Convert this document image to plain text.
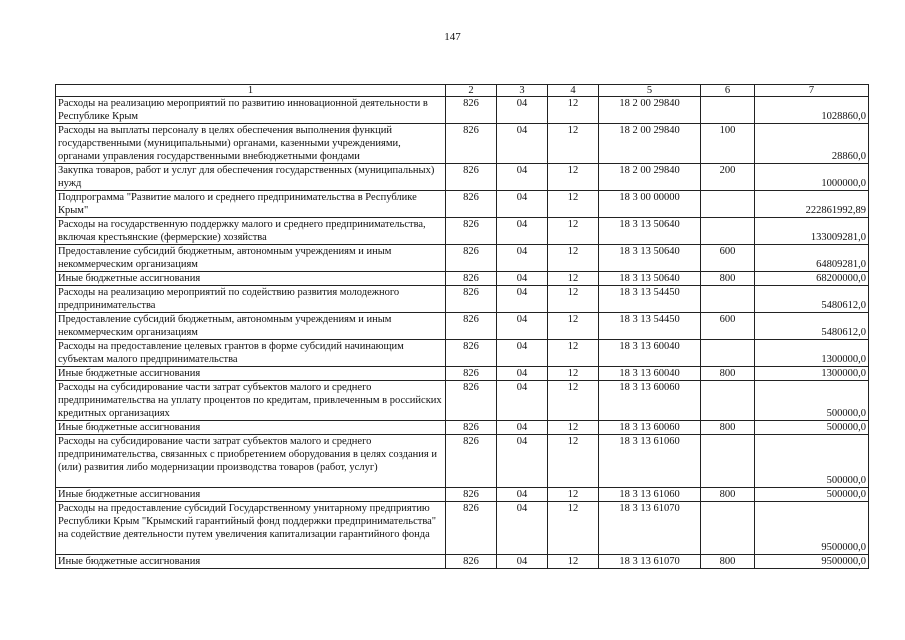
147
1	2	3	4	5	6	7
Расходы на реализацию мероприятий по развитию инновационной деятельности в Республике Крым	826	04	12	18 2 00 29840		1028860,0
Расходы на выплаты персоналу в целях обеспечения выполнения функций государственными (муниципальными) органами, казенными учреждениями, органами управления государственными внебюджетными фондами	826	04	12	18 2 00 29840	100	28860,0
Закупка товаров, работ и услуг для обеспечения государственных (муниципальных) нужд	826	04	12	18 2 00 29840	200	1000000,0
Подпрограмма "Развитие малого и среднего предпринимательства в Республике Крым"	826	04	12	18 3 00 00000		222861992,89
Расходы на государственную поддержку малого и среднего предпринимательства, включая крестьянские (фермерские) хозяйства	826	04	12	18 3 13 50640		133009281,0
Предоставление субсидий бюджетным, автономным учреждениям и иным некоммерческим организациям	826	04	12	18 3 13 50640	600	64809281,0
Иные бюджетные ассигнования	826	04	12	18 3 13 50640	800	68200000,0
Расходы на реализацию мероприятий по содействию развития молодежного предпринимательства	826	04	12	18 3 13 54450		5480612,0
Предоставление субсидий бюджетным, автономным учреждениям и иным некоммерческим организациям	826	04	12	18 3 13 54450	600	5480612,0
Расходы на предоставление целевых грантов в форме субсидий начинающим субъектам малого предпринимательства	826	04	12	18 3 13 60040		1300000,0
Иные бюджетные ассигнования	826	04	12	18 3 13 60040	800	1300000,0
Расходы на субсидирование части затрат субъектов малого и среднего предпринимательства на уплату процентов по кредитам, привлеченным в российских кредитных организациях	826	04	12	18 3 13 60060		500000,0
Иные бюджетные ассигнования	826	04	12	18 3 13 60060	800	500000,0
Расходы на субсидирование части затрат субъектов малого и среднего предпринимательства, связанных с приобретением оборудования в целях создания и (или) развития либо модернизации производства товаров (работ, услуг)	826	04	12	18 3 13 61060		500000,0
Иные бюджетные ассигнования	826	04	12	18 3 13 61060	800	500000,0
Расходы на предоставление субсидий Государственному унитарному предприятию Республики Крым "Крымский гарантийный фонд поддержки предпринимательства" на содействие деятельности путем увеличения капитализации гарантийного фонда	826	04	12	18 3 13 61070		9500000,0
Иные бюджетные ассигнования	826	04	12	18 3 13 61070	800	9500000,0
